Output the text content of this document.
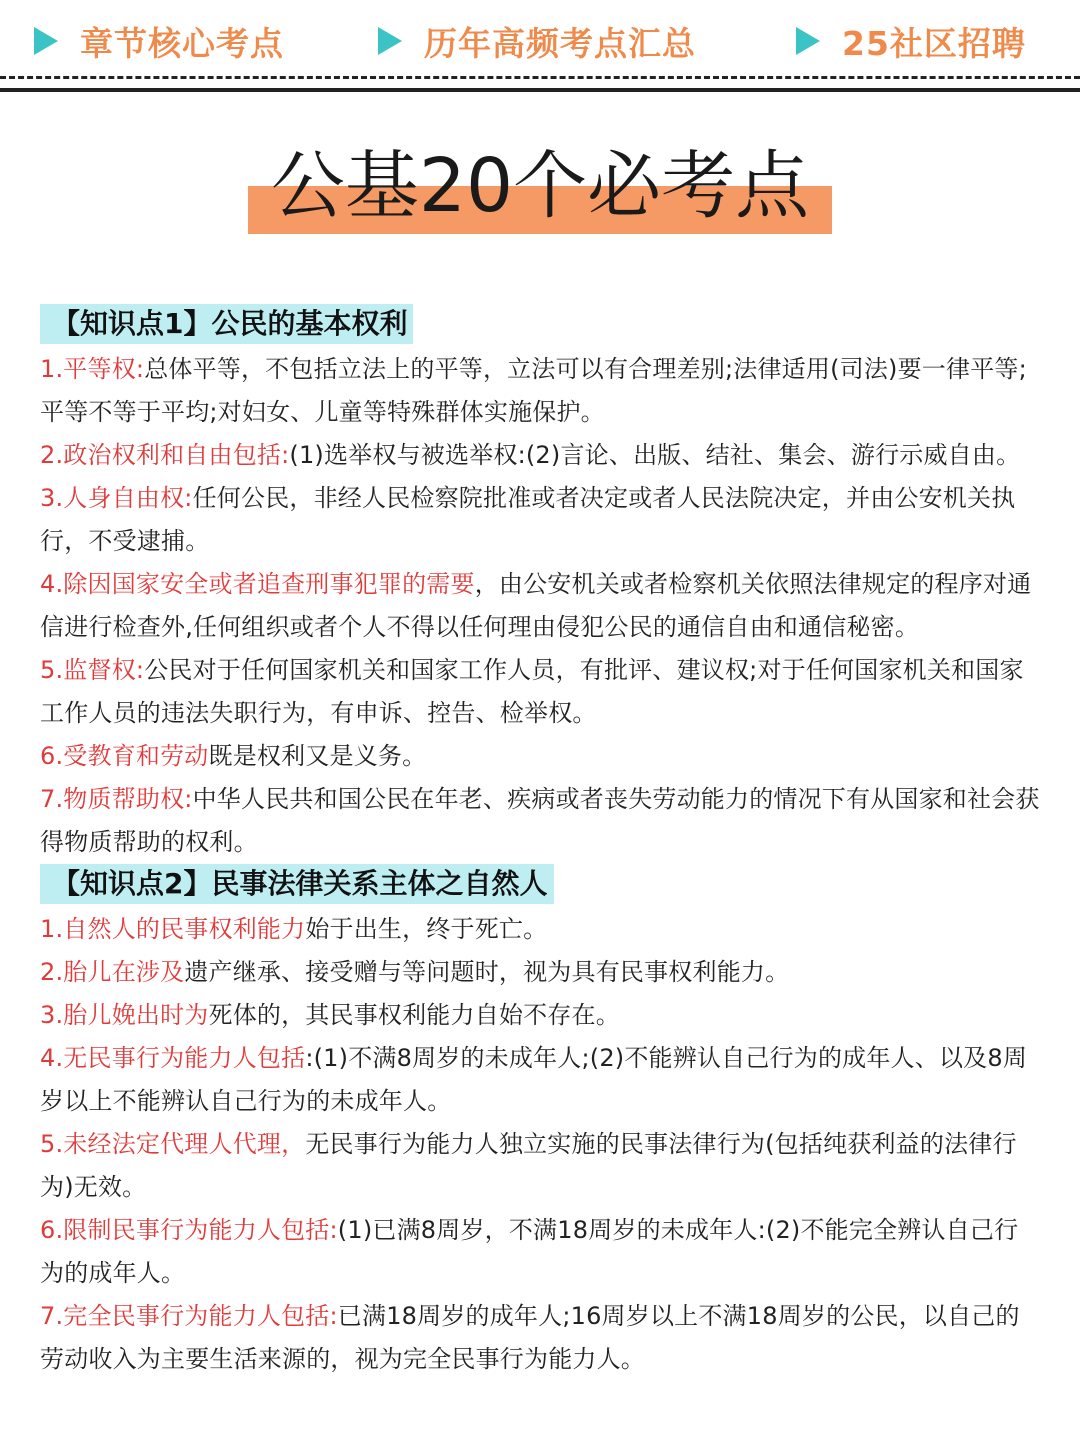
章节核心考点	历年高频考点汇总	25社区招聘
公基20个必考点
【知识点1】公民的基本权利

1.平等权:总体平等，不包括立法上的平等，立法可以有合理差别;法律适用(司法)要一律平等;平等不等于平均;对妇女、儿童等特殊群体实施保护。

2.政治权利和自由包括:(1)选举权与被选举权:(2)言论、出版、结社、集会、游行示威自由。

3.人身自由权:任何公民，非经人民检察院批准或者决定或者人民法院决定，并由公安机关执行，不受逮捕。

4.除因国家安全或者追查刑事犯罪的需要，由公安机关或者检察机关依照法律规定的程序对通信进行检查外,任何组织或者个人不得以任何理由侵犯公民的通信自由和通信秘密。

5.监督权:公民对于任何国家机关和国家工作人员，有批评、建议权;对于任何国家机关和国家工作人员的违法失职行为，有申诉、控告、检举权。

6.受教育和劳动既是权利又是义务。

7.物质帮助权:中华人民共和国公民在年老、疾病或者丧失劳动能力的情况下有从国家和社会获得物质帮助的权利。

【知识点2】民事法律关系主体之自然人

1.自然人的民事权利能力始于出生，终于死亡。

2.胎儿在涉及遗产继承、接受赠与等问题时，视为具有民事权利能力。

3.胎儿娩出时为死体的，其民事权利能力自始不存在。

4.无民事行为能力人包括:(1)不满8周岁的未成年人;(2)不能辨认自己行为的成年人、以及8周岁以上不能辨认自己行为的未成年人。

5.未经法定代理人代理，无民事行为能力人独立实施的民事法律行为(包括纯获利益的法律行为)无效。

6.限制民事行为能力人包括:(1)已满8周岁，不满18周岁的未成年人:(2)不能完全辨认自己行为的成年人。

7.完全民事行为能力人包括:已满18周岁的成年人;16周岁以上不满18周岁的公民，以自己的劳动收入为主要生活来源的，视为完全民事行为能力人。
